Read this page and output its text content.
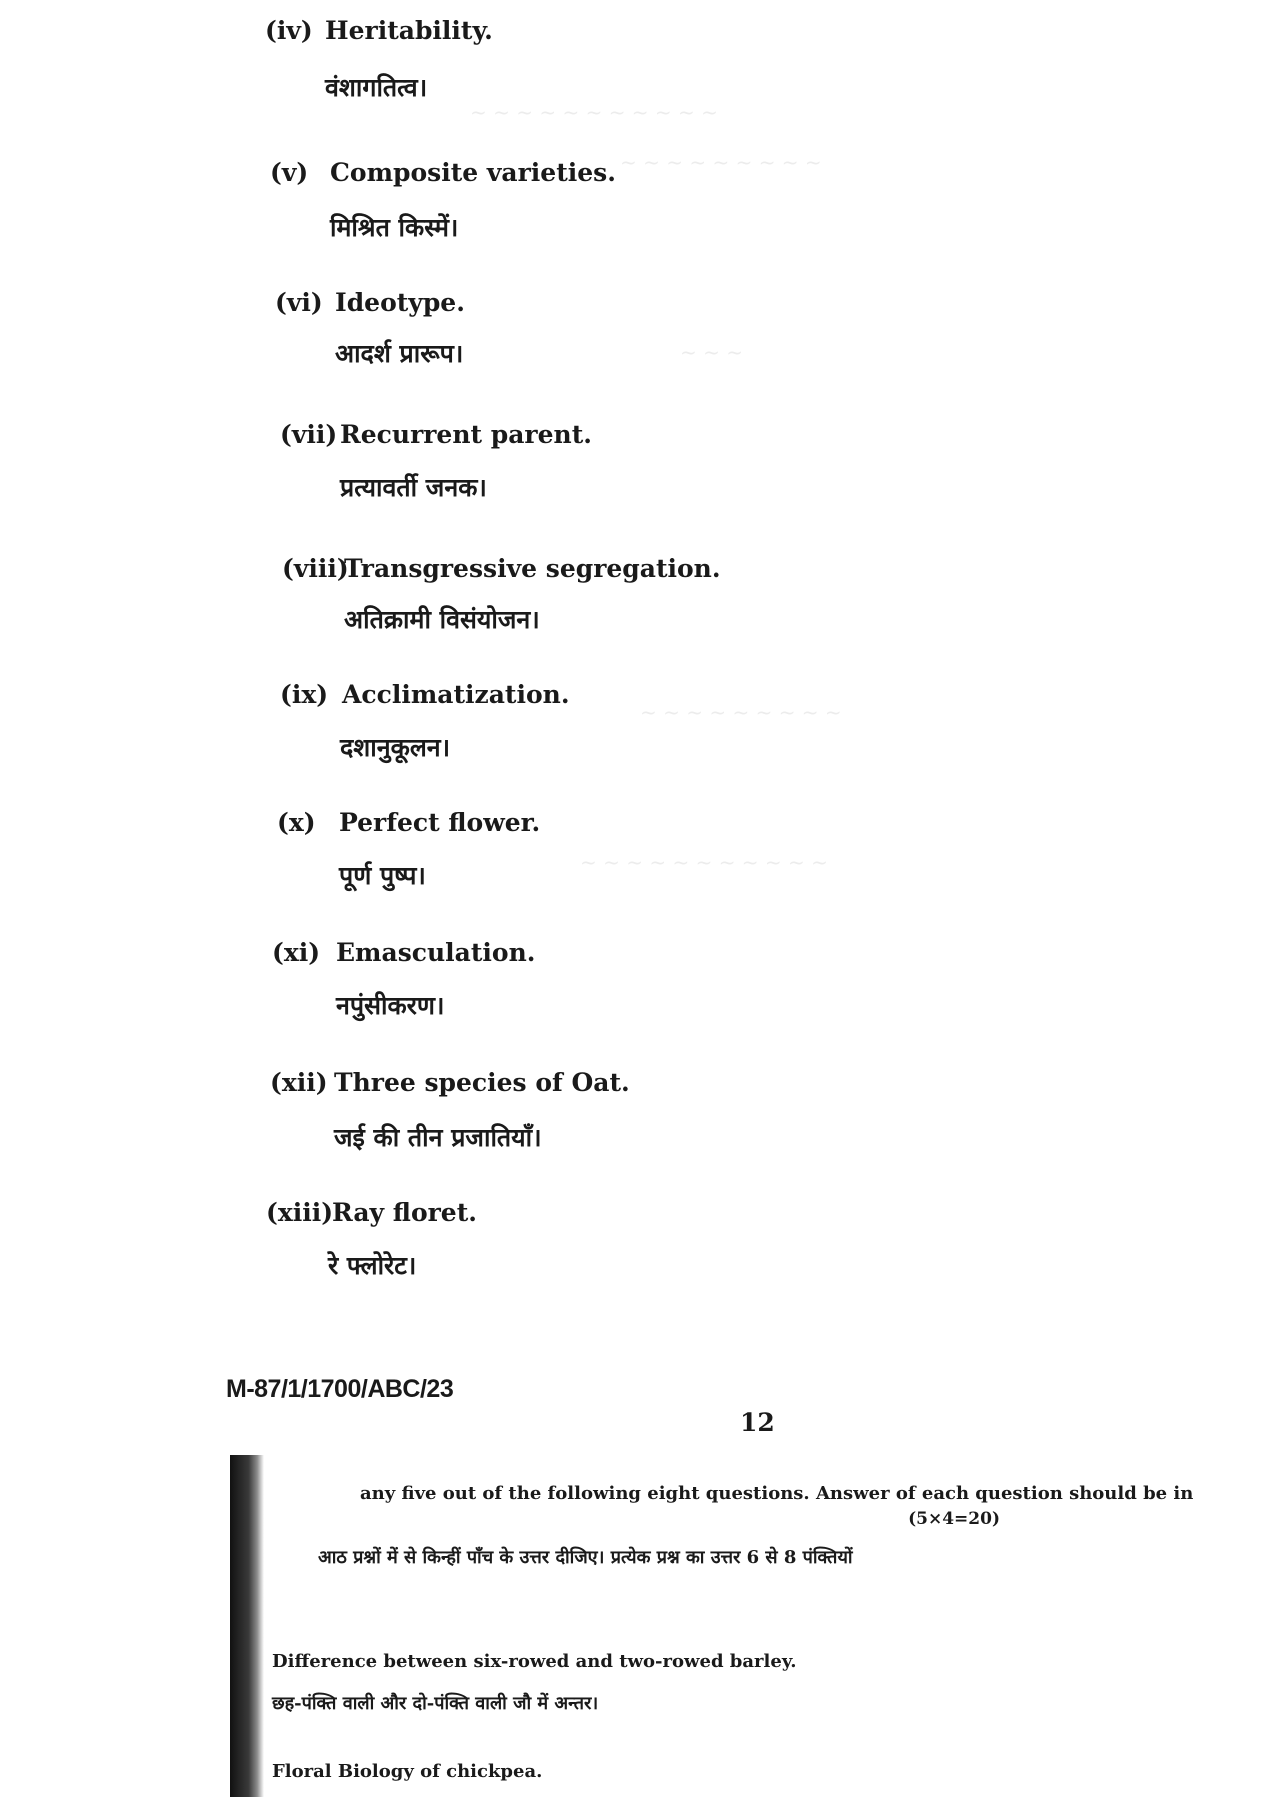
~ ~ ~ ~ ~ ~ ~ ~ ~ ~ ~
~ ~ ~ ~ ~ ~ ~ ~ ~
~ ~ ~
~ ~ ~ ~ ~ ~ ~ ~ ~
~ ~ ~ ~ ~ ~ ~ ~ ~ ~ ~
(iv) Heritability.
वंशागतित्व।
(v) Composite varieties.
मिश्रित किस्में।
(vi) Ideotype.
आदर्श प्रारूप।
(vii) Recurrent parent.
प्रत्यावर्ती जनक।
(viii)
Transgressive segregation.
अतिक्रामी विसंयोजन।
(ix) Acclimatization.
दशानुकूलन।
(x) Perfect flower.
पूर्ण पुष्प।
(xi) Emasculation.
नपुंसीकरण।
(xii) Three species of Oat.
जई की तीन प्रजातियाँ।
(xiii)
Ray floret.
रे फ्लोरेट।
M-87/1/1700/ABC/23
12
any five out of the following eight questions. Answer of each question should be in
(5×4=20)
आठ प्रश्नों में से किन्हीं पाँच के उत्तर दीजिए। प्रत्येक प्रश्न का उत्तर 6 से 8 पंक्तियों
Difference between six-rowed and two-rowed barley.
छह-पंक्ति वाली और दो-पंक्ति वाली जौ में अन्तर।
Floral Biology of chickpea.
